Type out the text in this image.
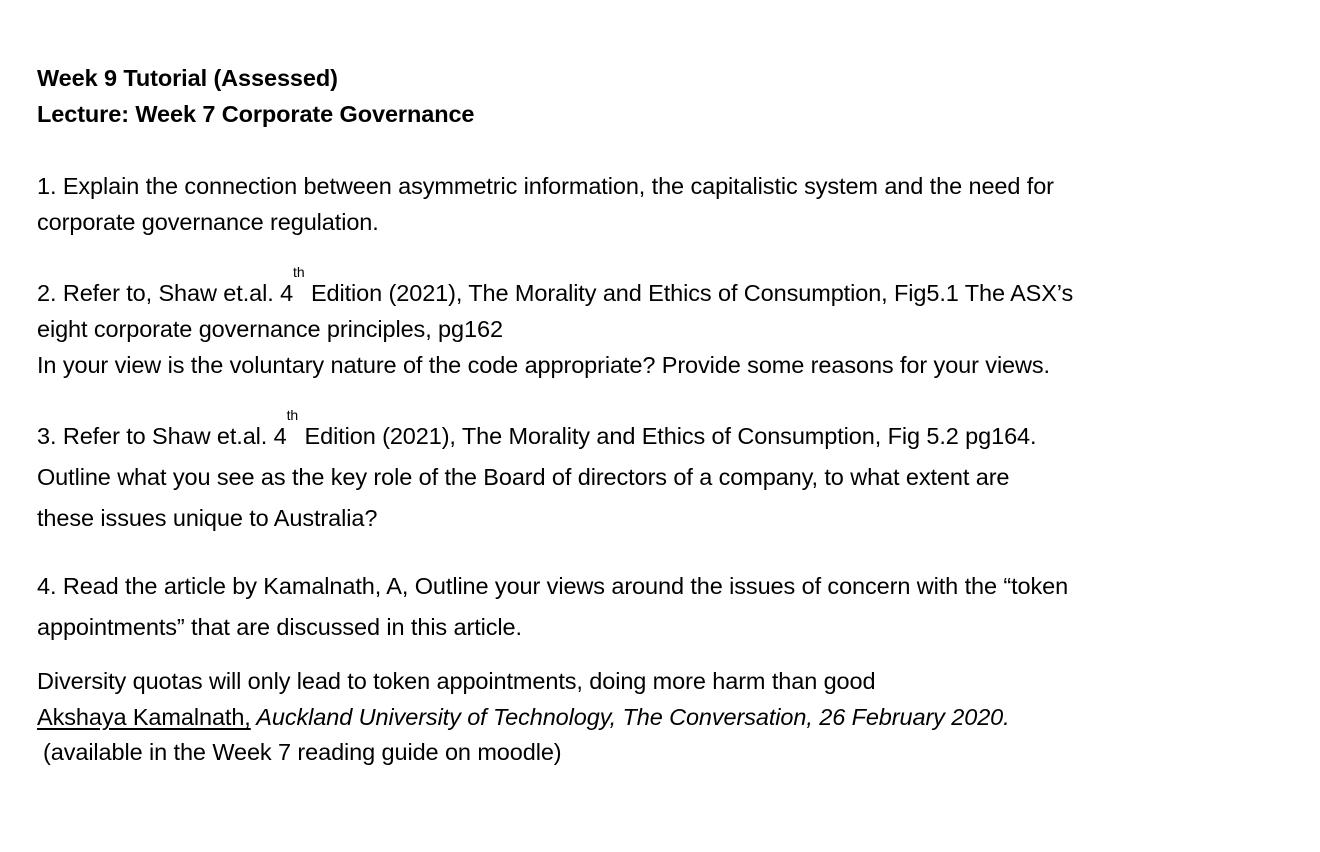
Week 9 Tutorial (Assessed)
Lecture: Week 7 Corporate Governance
1. Explain the connection between asymmetric information, the capitalistic system and the need for
corporate governance regulation.
2. Refer to, Shaw et.al. 4th Edition (2021), The Morality and Ethics of Consumption, Fig5.1 The ASX’s
eight corporate governance principles, pg162
In your view is the voluntary nature of the code appropriate? Provide some reasons for your views.
3. Refer to Shaw et.al. 4th Edition (2021), The Morality and Ethics of Consumption, Fig 5.2 pg164.
Outline what you see as the key role of the Board of directors of a company, to what extent are
these issues unique to Australia?
4. Read the article by Kamalnath, A, Outline your views around the issues of concern with the “token
appointments” that are discussed in this article.
Diversity quotas will only lead to token appointments, doing more harm than good
Akshaya Kamalnath, Auckland University of Technology, The Conversation, 26 February 2020.
(available in the Week 7 reading guide on moodle)
